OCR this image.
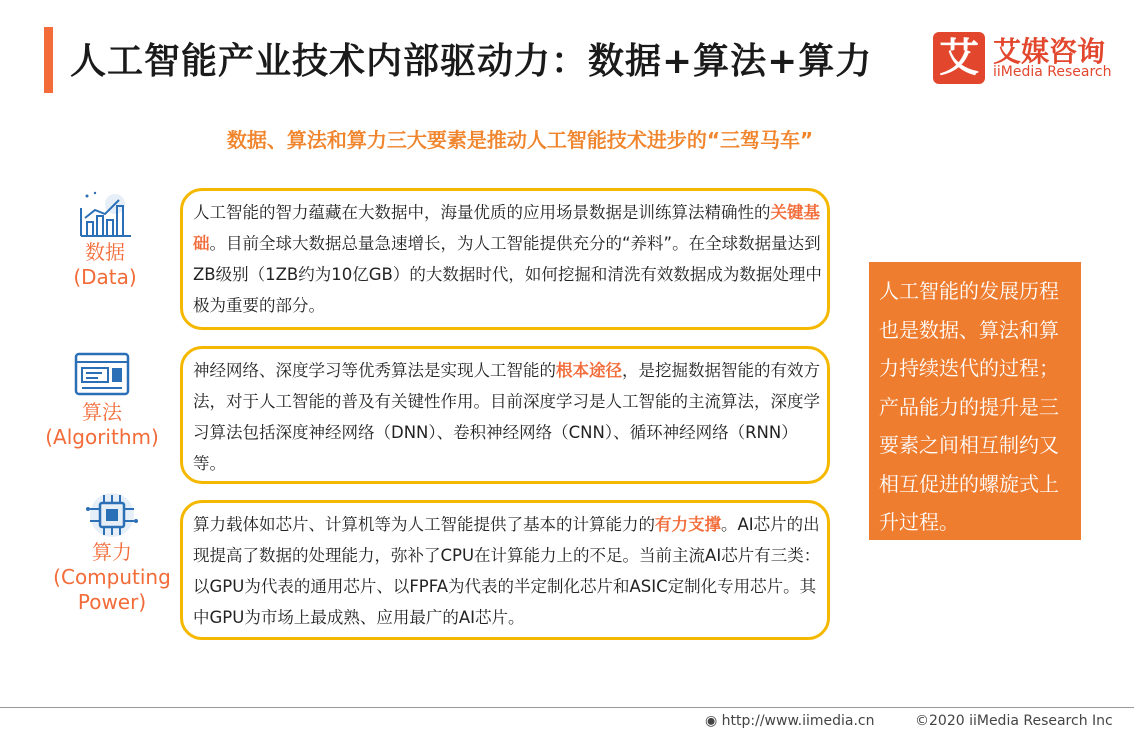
人工智能产业技术内部驱动力：数据+算法+算力 艾 艾媒咨询
iiMedia Research
数据、算法和算力三大要素是推动人工智能技术进步的“三驾马车”
数据
(Data)
人工智能的智力蕴藏在大数据中，海量优质的应用场景数据是训练算法精确性的关键基础。目前全球大数据总量急速增长，为人工智能提供充分的“养料”。在全球数据量达到ZB级别（1ZB约为10亿GB）的大数据时代，如何挖掘和清洗有效数据成为数据处理中极为重要的部分。
算法
(Algorithm)
神经网络、深度学习等优秀算法是实现人工智能的根本途径，是挖掘数据智能的有效方法，对于人工智能的普及有关键性作用。目前深度学习是人工智能的主流算法，深度学习算法包括深度神经网络（DNN）、卷积神经网络（CNN）、循环神经网络（RNN）等。
算力
(Computing
Power)
算力载体如芯片、计算机等为人工智能提供了基本的计算能力的有力支撑。AI芯片的出现提高了数据的处理能力，弥补了CPU在计算能力上的不足。当前主流AI芯片有三类：以GPU为代表的通用芯片、以FPFA为代表的半定制化芯片和ASIC定制化专用芯片。其中GPU为市场上最成熟、应用最广的AI芯片。
人工智能的发展历程也是数据、算法和算力持续迭代的过程；产品能力的提升是三要素之间相互制约又相互促进的螺旋式上升过程。
◉ http://www.iimedia.cn	©2020 iiMedia Research Inc
